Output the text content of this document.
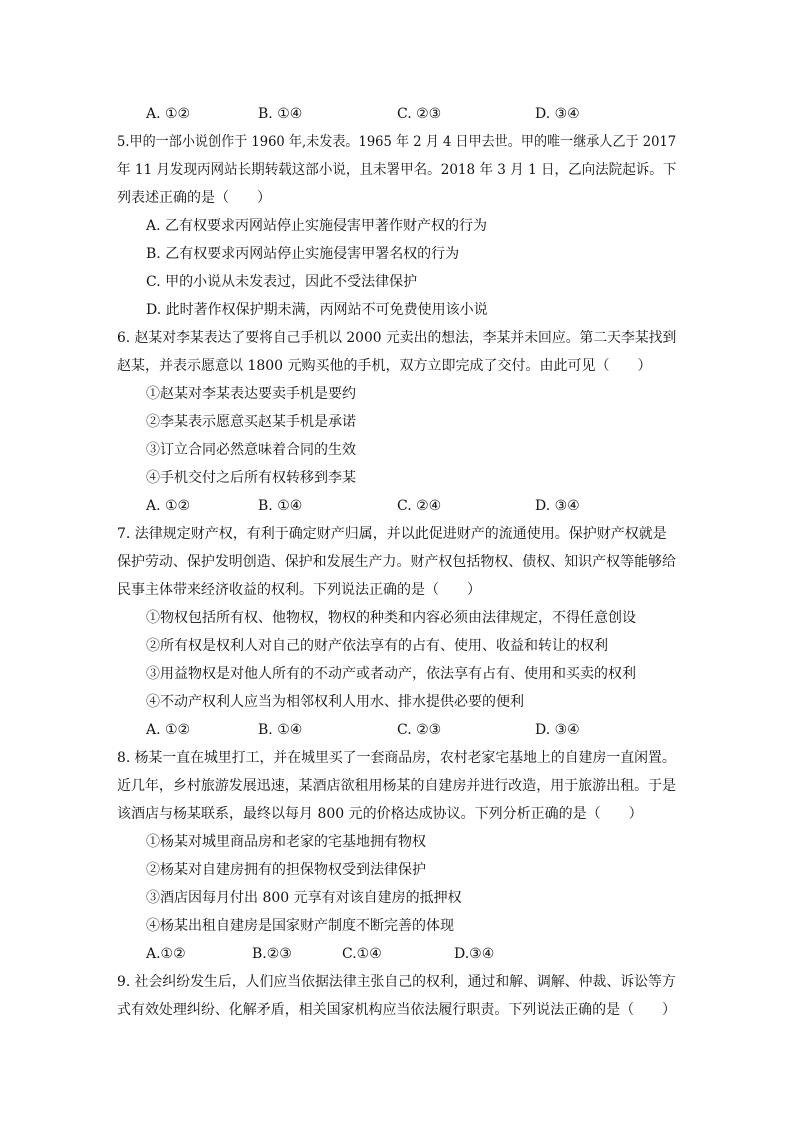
A. ①②	B. ①④	C. ②③	D. ③④
5.甲的一部小说创作于 1960 年,未发表。1965 年 2 月 4 日甲去世。甲的唯一继承人乙于 2017
年 11 月发现丙网站长期转载这部小说，且未署甲名。2018 年 3 月 1 日，乙向法院起诉。下
列表述正确的是（　　）
A. 乙有权要求丙网站停止实施侵害甲著作财产权的行为
B. 乙有权要求丙网站停止实施侵害甲署名权的行为
C. 甲的小说从未发表过，因此不受法律保护
D. 此时著作权保护期未满，丙网站不可免费使用该小说
6. 赵某对李某表达了要将自己手机以 2000 元卖出的想法，李某并未回应。第二天李某找到
赵某，并表示愿意以 1800 元购买他的手机，双方立即完成了交付。由此可见（　　）
①赵某对李某表达要卖手机是要约
②李某表示愿意买赵某手机是承诺
③订立合同必然意味着合同的生效
④手机交付之后所有权转移到李某
A. ①②	B. ①④	C. ②④	D. ③④
7. 法律规定财产权，有利于确定财产归属，并以此促进财产的流通使用。保护财产权就是
保护劳动、保护发明创造、保护和发展生产力。财产权包括物权、债权、知识产权等能够给
民事主体带来经济收益的权利。下列说法正确的是（　　）
①物权包括所有权、他物权，物权的种类和内容必须由法律规定，不得任意创设
②所有权是权利人对自己的财产依法享有的占有、使用、收益和转让的权利
③用益物权是对他人所有的不动产或者动产，依法享有占有、使用和买卖的权利
④不动产权利人应当为相邻权利人用水、排水提供必要的便利
A. ①②	B. ①④	C. ②③	D. ③④
8. 杨某一直在城里打工，并在城里买了一套商品房，农村老家宅基地上的自建房一直闲置。
近几年，乡村旅游发展迅速，某酒店欲租用杨某的自建房并进行改造，用于旅游出租。于是
该酒店与杨某联系，最终以每月 800 元的价格达成协议。下列分析正确的是（　　）
①杨某对城里商品房和老家的宅基地拥有物权
②杨某对自建房拥有的担保物权受到法律保护
③酒店因每月付出 800 元享有对该自建房的抵押权
④杨某出租自建房是国家财产制度不断完善的体现
A.①②	B.②③	C.①④	D.③④
9. 社会纠纷发生后，人们应当依据法律主张自己的权利，通过和解、调解、仲裁、诉讼等方
式有效处理纠纷、化解矛盾，相关国家机构应当依法履行职责。下列说法正确的是（　　）
